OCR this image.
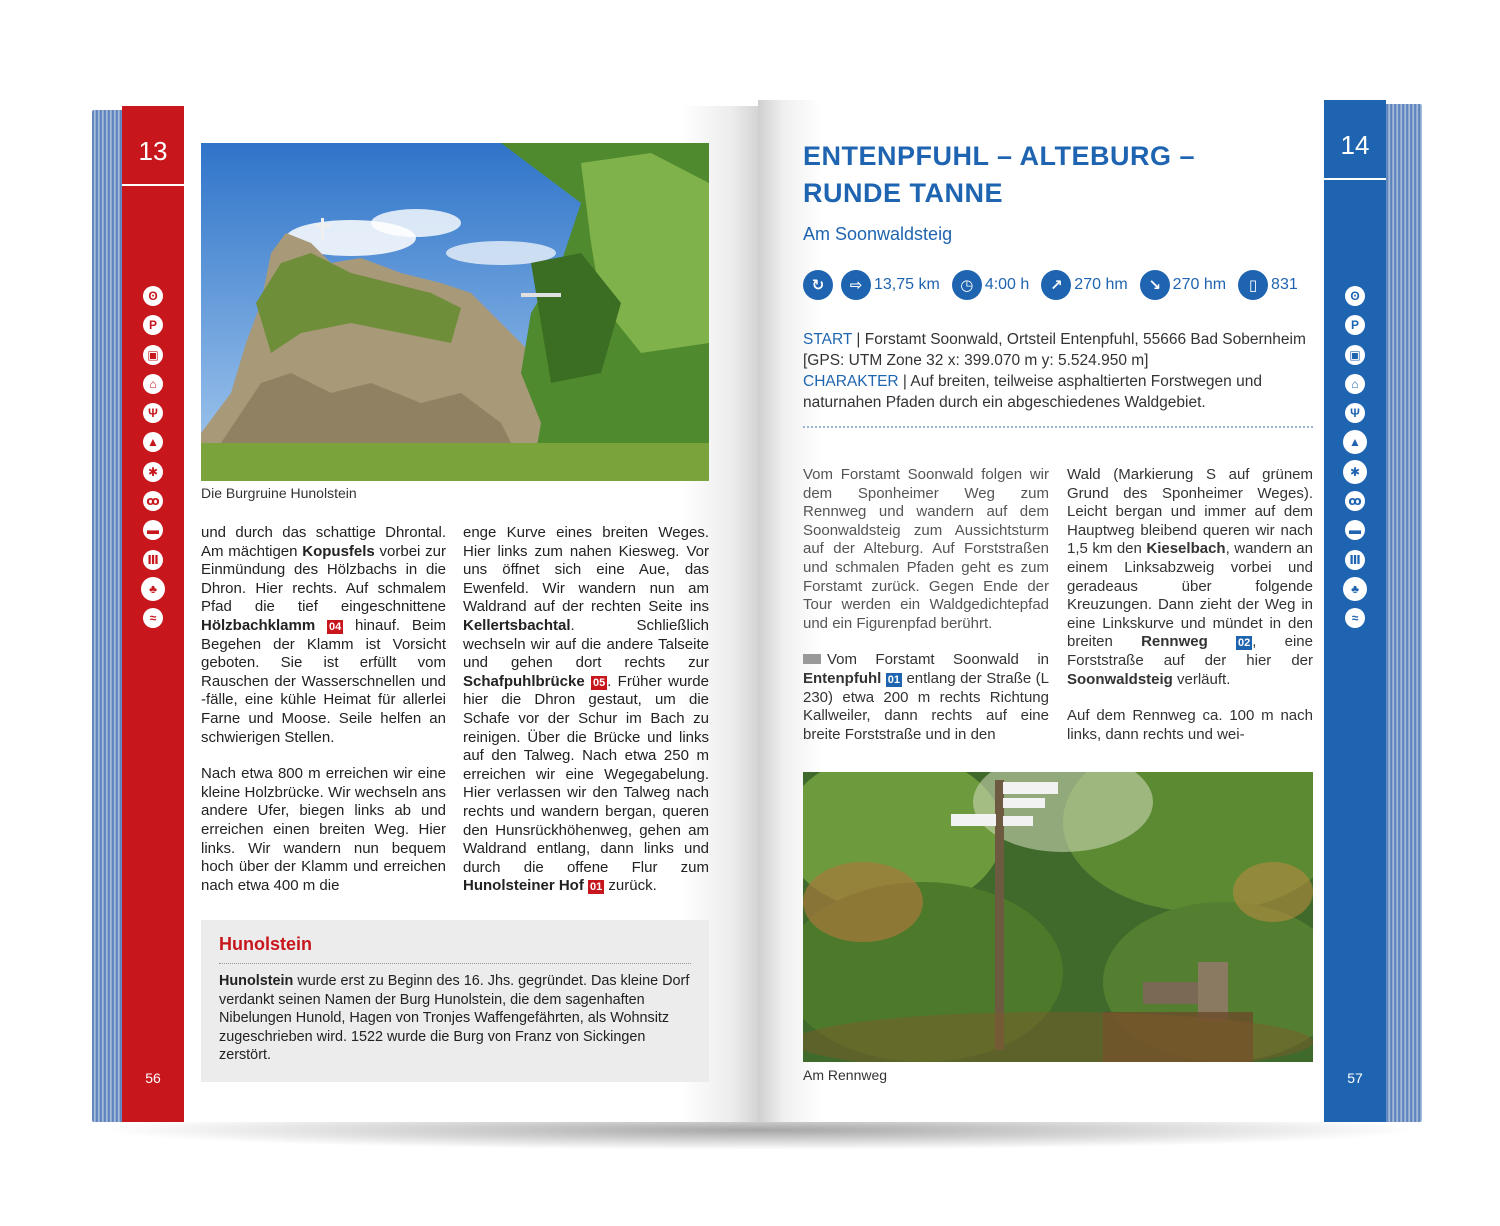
13
ʘ
P
▣
⌂
Ψ
▲
✱
ꝏ
▬
Ⅲ
♣
≈
56
Die Burgruine Hunolstein

und durch das schattige Dhrontal. Am mächtigen Kopusfels vorbei zur Einmündung des Hölzbachs in die Dhron. Hier rechts. Auf schmalem Pfad die tief eingeschnittene Hölzbachklamm 04 hinauf. Beim Begehen der Klamm ist Vorsicht geboten. Sie ist erfüllt vom Rauschen der Wasserschnellen und -fälle, eine kühle Heimat für allerlei Farne und Moose. Seile helfen an schwierigen Stellen.

Nach etwa 800 m erreichen wir eine kleine Holzbrücke. Wir wechseln ans andere Ufer, biegen links ab und erreichen einen breiten Weg. Hier links. Wir wandern nun bequem hoch über der Klamm und erreichen nach etwa 400 m die

enge Kurve eines breiten Weges. Hier links zum nahen Kiesweg. Vor uns öffnet sich eine Aue, das Ewenfeld. Wir wandern nun am Waldrand auf der rechten Seite ins Kellertsbachtal. Schließlich wechseln wir auf die andere Talseite und gehen dort rechts zur Schafpuhlbrücke 05 . Früher wurde hier die Dhron gestaut, um die Schafe vor der Schur im Bach zu reinigen. Über die Brücke und links auf den Talweg. Nach etwa 250 m erreichen wir eine Wegegabelung. Hier verlassen wir den Talweg nach rechts und wandern bergan, queren den Hunsrückhöhenweg, gehen am Waldrand entlang, dann links und durch die offene Flur zum Hunolsteiner Hof 01 zurück.

Hunolstein

Hunolstein wurde erst zu Beginn des 16. Jhs. gegründet. Das kleine Dorf verdankt seinen Namen der Burg Hunolstein, die dem sagenhaften Nibelungen Hunold, Hagen von Tronjes Waffengefährten, als Wohnsitz zugeschrieben wird. 1522 wurde die Burg von Franz von Sickingen zerstört.

14
ʘ
P
▣
⌂
Ψ
▲
✱
ꝏ
▬
Ⅲ
♣
≈
57
ENTENPFUHL – ALTEBURG –
RUNDE TANNE
Am Soonwaldsteig
↻	⇨ 13,75 km	◷ 4:00 h	↗ 270 hm	↘ 270 hm	▯ 831
START | Forstamt Soonwald, Ortsteil Entenpfuhl, 55666 Bad Sobernheim [GPS: UTM Zone 32 x: 399.070 m y: 5.524.950 m]
CHARAKTER | Auf breiten, teilweise asphaltierten Forstwegen und naturnahen Pfaden durch ein abgeschiedenes Waldgebiet.

Vom Forstamt Soonwald folgen wir dem Sponheimer Weg zum Rennweg und wandern auf dem Soonwaldsteig zum Aussichtsturm auf der Alteburg. Auf Forststraßen und schmalen Pfaden geht es zum Forstamt zurück. Gegen Ende der Tour werden ein Waldgedichtepfad und ein Figurenpfad berührt.

Vom Forstamt Soonwald in Entenpfuhl 01 entlang der Straße (L 230) etwa 200 m rechts Richtung Kallweiler, dann rechts auf eine breite Forststraße und in den

Wald (Markierung S auf grünem Grund des Sponheimer Weges). Leicht bergan und immer auf dem Hauptweg bleibend queren wir nach 1,5 km den Kieselbach, wandern an einem Linksabzweig vorbei und geradeaus über folgende Kreuzungen. Dann zieht der Weg in eine Linkskurve und mündet in den breiten Rennweg	02 , eine Forststraße auf der hier der Soonwaldsteig verläuft.

Auf dem Rennweg ca. 100 m nach links, dann rechts und wei-

Am Rennweg
